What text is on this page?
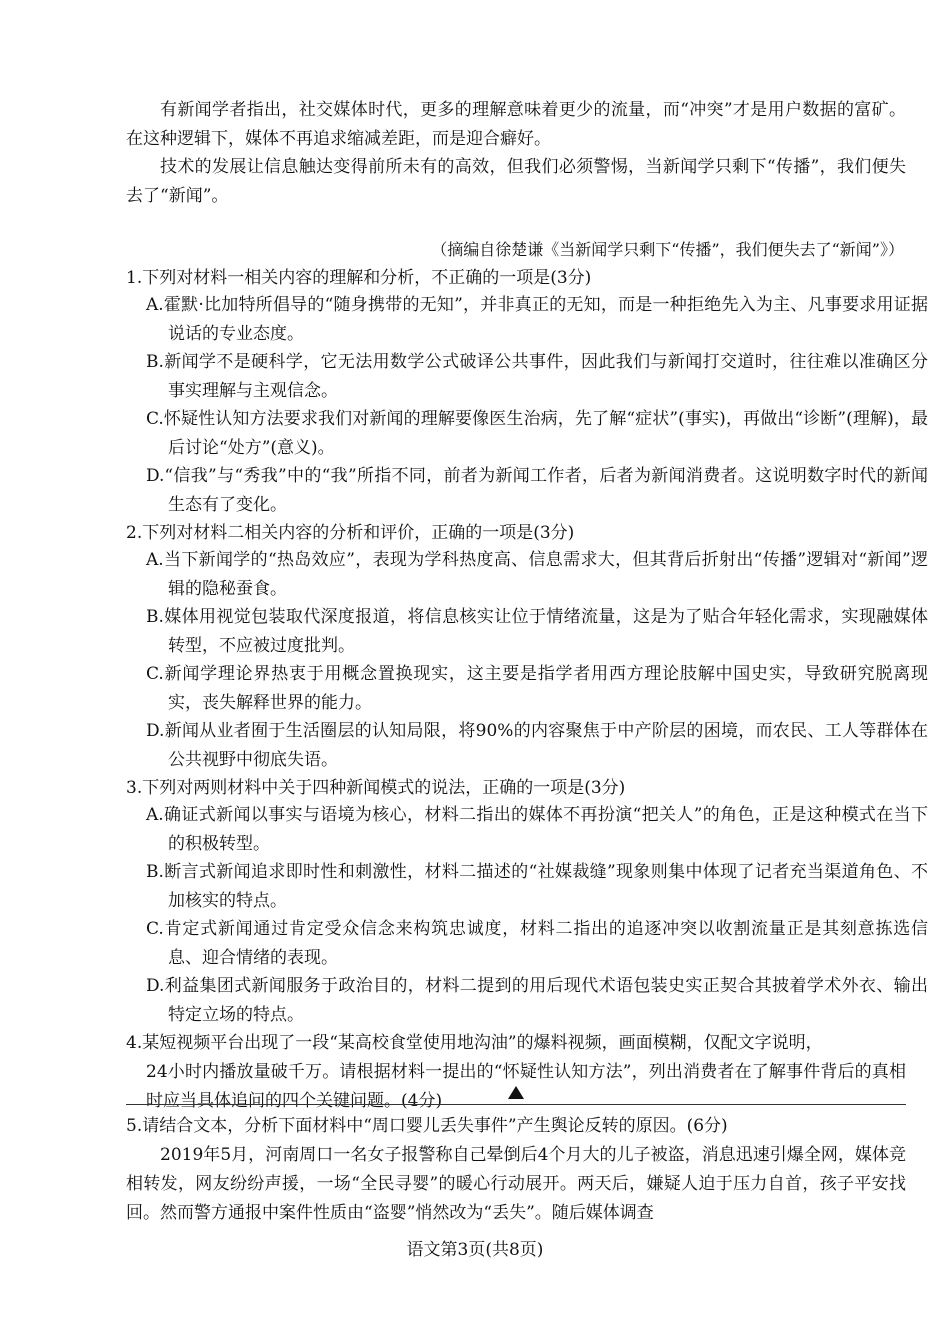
有新闻学者指出，社交媒体时代，更多的理解意味着更少的流量，而“冲突”才是用户数据的富矿。在这种逻辑下，媒体不再追求缩减差距，而是迎合癖好。

技术的发展让信息触达变得前所未有的高效，但我们必须警惕，当新闻学只剩下“传播”，我们便失去了“新闻”。

（摘编自徐楚谦《当新闻学只剩下“传播”，我们便失去了“新闻”》）

1.下列对材料一相关内容的理解和分析，不正确的一项是(3分)

A.霍默·比加特所倡导的“随身携带的无知”，并非真正的无知，而是一种拒绝先入为主、凡事要求用证据说话的专业态度。

B.新闻学不是硬科学，它无法用数学公式破译公共事件，因此我们与新闻打交道时，往往难以准确区分事实理解与主观信念。

C.怀疑性认知方法要求我们对新闻的理解要像医生治病，先了解“症状”(事实)，再做出“诊断”(理解)，最后讨论“处方”(意义)。

D.“信我”与“秀我”中的“我”所指不同，前者为新闻工作者，后者为新闻消费者。这说明数字时代的新闻生态有了变化。

2.下列对材料二相关内容的分析和评价，正确的一项是(3分)

A.当下新闻学的“热岛效应”，表现为学科热度高、信息需求大，但其背后折射出“传播”逻辑对“新闻”逻辑的隐秘蚕食。

B.媒体用视觉包装取代深度报道，将信息核实让位于情绪流量，这是为了贴合年轻化需求，实现融媒体转型，不应被过度批判。

C.新闻学理论界热衷于用概念置换现实，这主要是指学者用西方理论肢解中国史实，导致研究脱离现实，丧失解释世界的能力。

D.新闻从业者囿于生活圈层的认知局限，将90%的内容聚焦于中产阶层的困境，而农民、工人等群体在公共视野中彻底失语。

3.下列对两则材料中关于四种新闻模式的说法，正确的一项是(3分)

A.确证式新闻以事实与语境为核心，材料二指出的媒体不再扮演“把关人”的角色，正是这种模式在当下的积极转型。

B.断言式新闻追求即时性和刺激性，材料二描述的“社媒裁缝”现象则集中体现了记者充当渠道角色、不加核实的特点。

C.肯定式新闻通过肯定受众信念来构筑忠诚度，材料二指出的追逐冲突以收割流量正是其刻意拣选信息、迎合情绪的表现。

D.利益集团式新闻服务于政治目的，材料二提到的用后现代术语包装史实正契合其披着学术外衣、输出特定立场的特点。

4.某短视频平台出现了一段“某高校食堂使用地沟油”的爆料视频，画面模糊，仅配文字说明，
24小时内播放量破千万。请根据材料一提出的“怀疑性认知方法”，列出消费者在了解事件背后的真相时应当具体追问的四个关键问题。(4分)

5.请结合文本，分析下面材料中“周口婴儿丢失事件”产生舆论反转的原因。(6分)

2019年5月，河南周口一名女子报警称自己晕倒后4个月大的儿子被盗，消息迅速引爆全网，媒体竞相转发，网友纷纷声援，一场“全民寻婴”的暖心行动展开。两天后，嫌疑人迫于压力自首，孩子平安找回。然而警方通报中案件性质由“盗婴”悄然改为“丢失”。随后媒体调查

语文第3页(共8页)
